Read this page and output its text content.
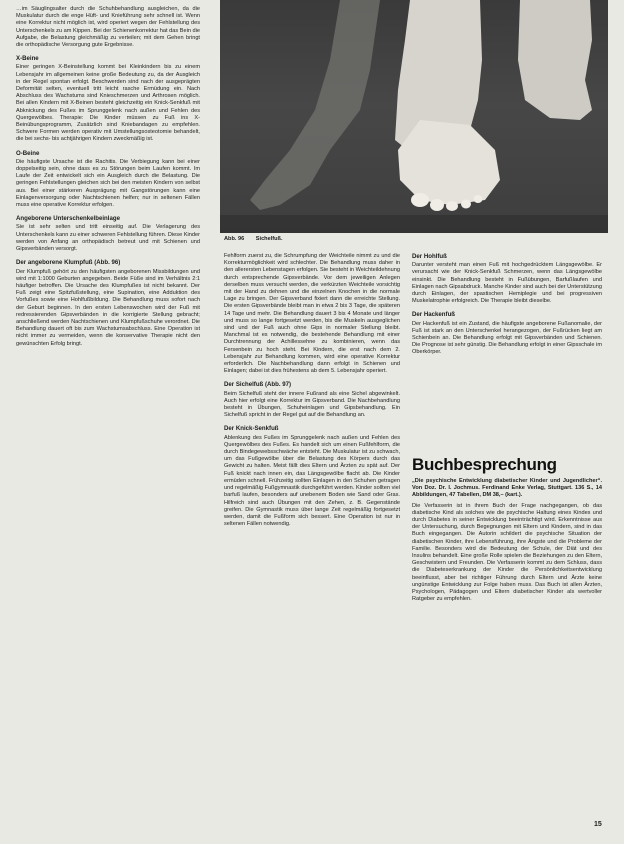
…im Säuglingsalter durch die Schuhbehandlung ausgleichen, da die Muskulatur durch die enge Hüft- und Knieführung sehr schnell ist. Wenn eine Korrektur nicht möglich ist, wird operiert wegen der Fehlstellung des Unterschenkels zu am Kippen. Bei der Schienenkorrektur hat das Bein die Aufgabe, die Belastung gleichmäßig zu verteilen; mit dem Gehen bringt die orthopädische Versorgung gute Ergebnisse.

X-Beine

Einer geringen X-Beinstellung kommt bei Kleinkindern bis zu einem Lebensjahr im allgemeinen keine große Bedeutung zu, da der Ausgleich in der Regel spontan erfolgt. Beschwerden sind nach der ausgeprägten Deformität selten, eventuell tritt leicht rasche Ermüdung ein. Nach Abschluss des Wachstums sind Knieschmerzen und Arthrosen möglich. Bei allen Kindern mit X-Beinen besteht gleichzeitig ein Knick-Senkfuß mit Abknickung des Fußes im Sprunggelenk nach außen und Fehlen des Quergewölbes. Therapie: Die Kinder müssen zu Fuß ins X-Beinübungsprogramm, Zusätzlich sind Kniebandagen zu empfehlen. Schwere Formen werden operativ mit Umstellungsosteotomie behandelt, die bei sechs- bis achtjährigen Kindern zweckmäßig ist.

O-Beine

Die häufigste Ursache ist die Rachitis. Die Verbiegung kann bei einer doppelseitig sein, ohne dass es zu Störungen beim Laufen kommt. Im Laufe der Zeit entwickelt sich ein Ausgleich durch die Belastung. Die geringen Fehlstellungen gleichen sich bei den meisten Kindern von selbst aus. Bei einer stärkeren Ausprägung mit Gangstörungen kann eine Einlagenversorgung oder Nachtschienen helfen; nur in seltenen Fällen muss eine operative Korrektur erfolgen.

Angeborene Unterschenkelbeinlage

Sie ist sehr selten und tritt einseitig auf. Die Verlagerung des Unterschenkels kann zu einer schweren Fehlstellung führen. Diese Kinder werden von Anfang an orthopädisch betreut und mit Schienen und Gipsverbänden versorgt.

Der angeborene Klumpfuß (Abb. 96)

Der Klumpfuß gehört zu den häufigsten angeborenen Missbildungen und wird mit 1:1000 Geburten angegeben. Beide Füße sind im Verhältnis 2:1 häufiger betroffen. Die Ursache des Klumpfußes ist nicht bekannt. Der Fuß zeigt eine Spitzfußstellung, eine Supination, eine Adduktion des Vorfußes sowie eine Hohlfußbildung. Die Behandlung muss sofort nach der Geburt beginnen. In den ersten Lebenswochen wird der Fuß mit redressierenden Gipsverbänden in die korrigierte Stellung gebracht; anschließend werden Nachtschienen und Klumpfußschuhe verordnet. Die Behandlung dauert oft bis zum Wachstumsabschluss. Eine Operation ist nicht immer zu vermeiden, wenn die konservative Therapie nicht den gewünschten Erfolg bringt.

Abb. 96 Sichelfuß.

Fehlform zuerst zu, die Schrumpfung der Weichteile nimmt zu und die Korrekturmöglichkeit wird schlechter. Die Behandlung muss daher in den allerersten Lebenstagen erfolgen. Sie besteht in Weichteildehnung durch entsprechende Gipsverbände. Vor dem jeweiligen Anlegen derselben muss versucht werden, die verkürzten Weichteile vorsichtig mit der Hand zu dehnen und die einzelnen Knochen in die normale Lage zu bringen. Der Gipsverband fixiert dann die erreichte Stellung. Die ersten Gipsverbände bleibt man in etwa 2 bis 3 Tage, die späteren 14 Tage und mehr. Die Behandlung dauert 3 bis 4 Monate und länger und muss so lange fortgesetzt werden, bis die Muskeln ausgeglichen sind und der Fuß auch ohne Gips in normaler Stellung bleibt. Manchmal ist es notwendig, die bestehende Behandlung mit einer Durchtrennung der Achillessehne zu kombinieren, wenn das Fersenbein zu hoch steht. Bei Kindern, die erst nach dem 2. Lebensjahr zur Behandlung kommen, wird eine operative Korrektur erforderlich. Die Nachbehandlung dann erfolgt in Schienen und Einlagen; dabei ist dies frühestens ab dem 5. Lebensjahr operiert.

Der Sichelfuß (Abb. 97)

Beim Sichelfuß steht der innere Fußrand als eine Sichel abgewinkelt. Auch hier erfolgt eine Korrektur im Gipsverband. Die Nachbehandlung besteht in Übungen, Schuheinlagen und Gipsbehandlung. Ein Sichelfuß spricht in der Regel gut auf die Behandlung an.

Der Knick-Senkfuß

Ablenkung des Fußes im Sprunggelenk nach außen und Fehlen des Quergewölbes des Fußes. Es handelt sich um einen Fußfehlform, die durch Bindegewebsschwäche entsteht. Die Muskulatur ist zu schwach, um das Fußgewölbe über die Belastung des Körpers durch das Gewicht zu halten. Meist fällt dies Eltern und Ärzten zu spät auf. Der Fuß knickt nach innen ein, das Längsgewölbe flacht ab. Die Kinder ermüden schnell. Frühzeitig sollten Einlagen in den Schuhen getragen und regelmäßig Fußgymnastik durchgeführt werden. Kinder sollten viel barfuß laufen, besonders auf unebenem Boden wie Sand oder Gras. Hilfreich sind auch Übungen mit den Zehen, z. B. Gegenstände greifen. Die Gymnastik muss über lange Zeit regelmäßig fortgesetzt werden, damit die Fußform sich bessert. Eine Operation ist nur in seltenen Fällen notwendig.

Der Hohlfuß

Darunter versteht man einen Fuß mit hochgedrücktem Längsgewölbe. Er verursacht wie der Knick-Senkfuß Schmerzen, wenn das Längsgewölbe einsinkt. Die Behandlung besteht in Fußübungen, Barfußlaufen und Einlagen nach Gipsabdruck. Manche Kinder sind auch bei der Unterstützung durch Einlagen, der spastischen Hemiplegie und bei progressiven Muskelatrophie erfolgreich. Die Therapie bleibt dieselbe.

Der Hackenfuß

Der Hackenfuß ist ein Zustand, die häufigste angeborene Fußanomalie, der Fuß ist stark an den Unterschenkel herangezogen, der Fußrücken liegt am Schienbein an. Die Behandlung erfolgt mit Gipsverbänden und Schienen. Die Prognose ist sehr günstig. Die Behandlung erfolgt in einer Gipsschale im Oberkörper.

Buchbesprechung

„Die psychische Entwicklung diabetischer Kinder und Jugendlicher“. Von Doz. Dr. I. Jochmus. Ferdinand Enke Verlag, Stuttgart. 136 S., 14 Abbildungen, 47 Tabellen, DM 38,– (kart.).

Die Verfasserin ist in ihrem Buch der Frage nachgegangen, ob das diabetische Kind als solches wie die psychische Haltung eines Kindes und durch Diabetes in seiner Entwicklung beeinträchtigt wird. Erkenntnisse aus der Untersuchung, durch Begegnungen mit Eltern und Kindern, sind in das Buch eingegangen. Die Autorin schildert die psychische Situation der diabetischen Kinder, ihre Lebensführung, ihre Ängste und die Probleme der Familie. Besonders wird die Bedeutung der Schule, der Diät und des Insulins behandelt. Eine große Rolle spielen die Beziehungen zu den Eltern, Geschwistern und Freunden. Die Verfasserin kommt zu dem Schluss, dass die Diabeteserkrankung der Kinder die Persönlichkeitsentwicklung beeinflusst, aber bei richtiger Führung durch Eltern und Ärzte keine ungünstige Entwicklung zur Folge haben muss. Das Buch ist allen Ärzten, Psychologen, Pädagogen und Eltern diabetischer Kinder als wertvoller Ratgeber zu empfehlen.

15
